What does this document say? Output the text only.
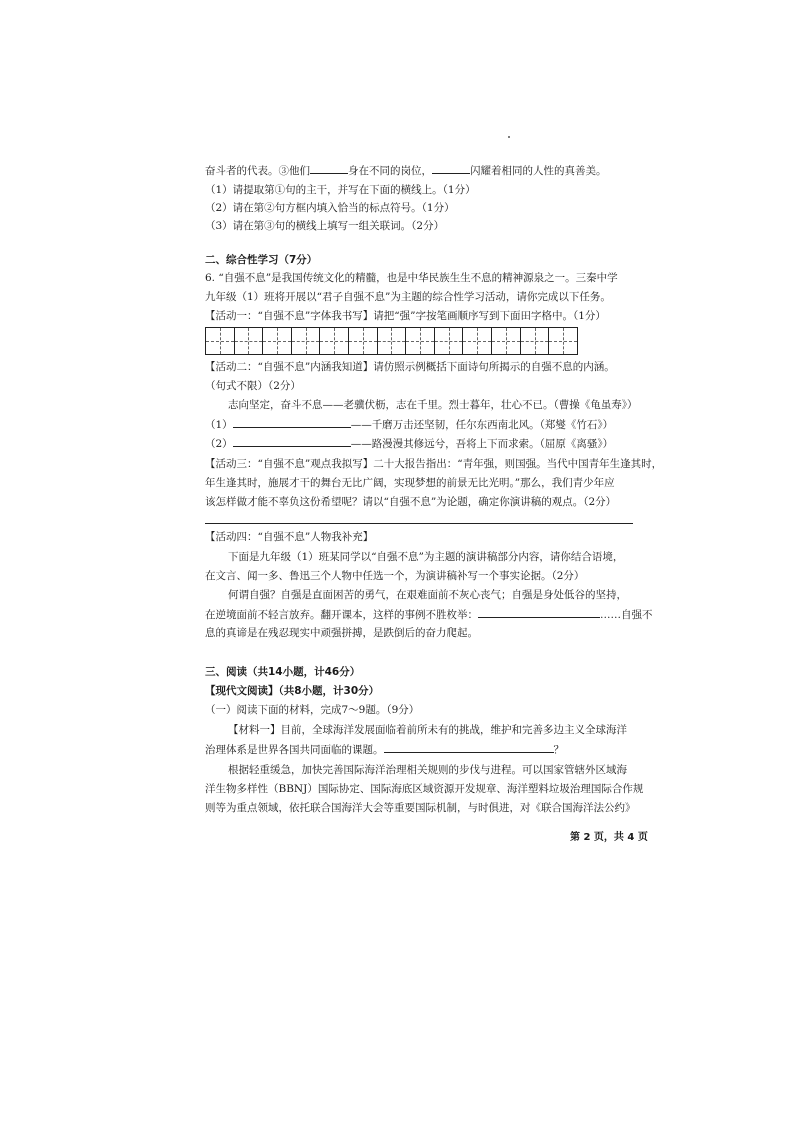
奋斗者的代表。③他们	身在不同的岗位，	闪耀着相同的人性的真善美。
（1）请提取第①句的主干，并写在下面的横线上。（1分）
（2）请在第②句方框内填入恰当的标点符号。（1分）
（3）请在第③句的横线上填写一组关联词。（2分）
二、综合性学习（7分）
6. “自强不息”是我国传统文化的精髓，也是中华民族生生不息的精神源泉之一。三秦中学
九年级（1）班将开展以“君子自强不息”为主题的综合性学习活动，请你完成以下任务。
【活动一：“自强不息”字体我书写】请把“强”字按笔画顺序写到下面田字格中。（1分）
【活动二：“自强不息”内涵我知道】请仿照示例概括下面诗句所揭示的自强不息的内涵。
（句式不限）（2分）
志向坚定，奋斗不息——老骥伏枥，志在千里。烈士暮年，壮心不已。（曹操《龟虽寿》）
（1）	——千磨万击还坚韧，任尔东西南北风。（郑燮《竹石》）
（2）	——路漫漫其修远兮，吾将上下而求索。（屈原《离骚》）
【活动三：“自强不息”观点我拟写】二十大报告指出：“青年强，则国强。当代中国青年生逢其时，
年生逢其时，施展才干的舞台无比广阔，实现梦想的前景无比光明。”那么，我们青少年应
该怎样做才能不辜负这份希望呢？请以“自强不息”为论题，确定你演讲稿的观点。（2分）
【活动四：“自强不息”人物我补充】
下面是九年级（1）班某同学以“自强不息”为主题的演讲稿部分内容，请你结合语境，
在文言、闻一多、鲁迅三个人物中任选一个，为演讲稿补写一个事实论据。（2分）
何谓自强？自强是直面困苦的勇气，在艰难面前不灰心丧气；自强是身处低谷的坚持，
在逆境面前不轻言放弃。翻开课本，这样的事例不胜枚举：	……自强不
息的真谛是在残忍现实中顽强拼搏，是跌倒后的奋力爬起。
三、阅读（共14小题，计46分）
【现代文阅读】（共8小题，计30分）
（一）阅读下面的材料，完成7～9题。（9分）
【材料一】目前，全球海洋发展面临着前所未有的挑战，维护和完善多边主义全球海洋
治理体系是世界各国共同面临的课题。	？
根据轻重缓急，加快完善国际海洋治理相关规则的步伐与进程。可以国家管辖外区域海
洋生物多样性（BBNJ）国际协定、国际海底区域资源开发规章、海洋塑料垃圾治理国际合作规
则等为重点领域，依托联合国海洋大会等重要国际机制，与时俱进，对《联合国海洋法公约》
第 2 页，共 4 页
